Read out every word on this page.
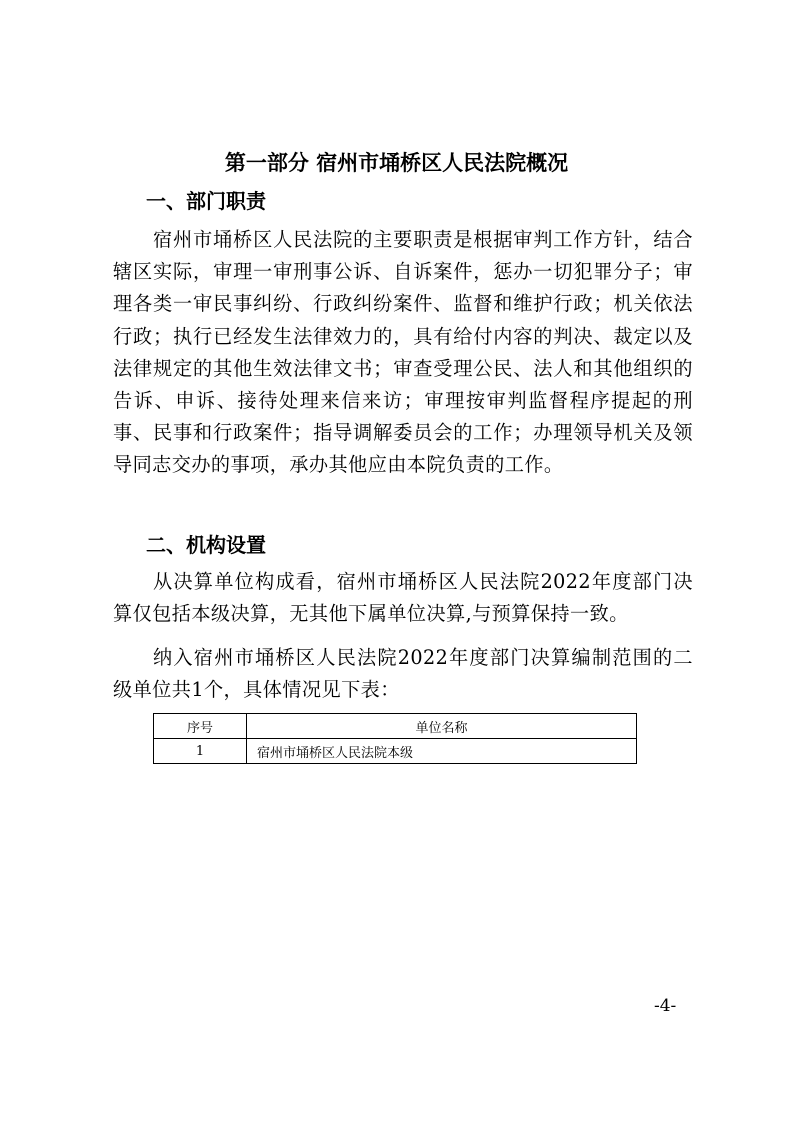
第一部分 宿州市埇桥区人民法院概况
一、部门职责

宿州市埇桥区人民法院的主要职责是根据审判工作方针，结合辖区实际，审理一审刑事公诉、自诉案件，惩办一切犯罪分子；审理各类一审民事纠纷、行政纠纷案件、监督和维护行政；机关依法行政；执行已经发生法律效力的，具有给付内容的判决、裁定以及法律规定的其他生效法律文书；审查受理公民、法人和其他组织的告诉、申诉、接待处理来信来访；审理按审判监督程序提起的刑事、民事和行政案件；指导调解委员会的工作；办理领导机关及领导同志交办的事项，承办其他应由本院负责的工作。

二、机构设置

从决算单位构成看，宿州市埇桥区人民法院2022年度部门决算仅包括本级决算，无其他下属单位决算,与预算保持一致。

纳入宿州市埇桥区人民法院2022年度部门决算编制范围的二级单位共1个，具体情况见下表：

序号	单位名称
1	宿州市埇桥区人民法院本级
-4-
